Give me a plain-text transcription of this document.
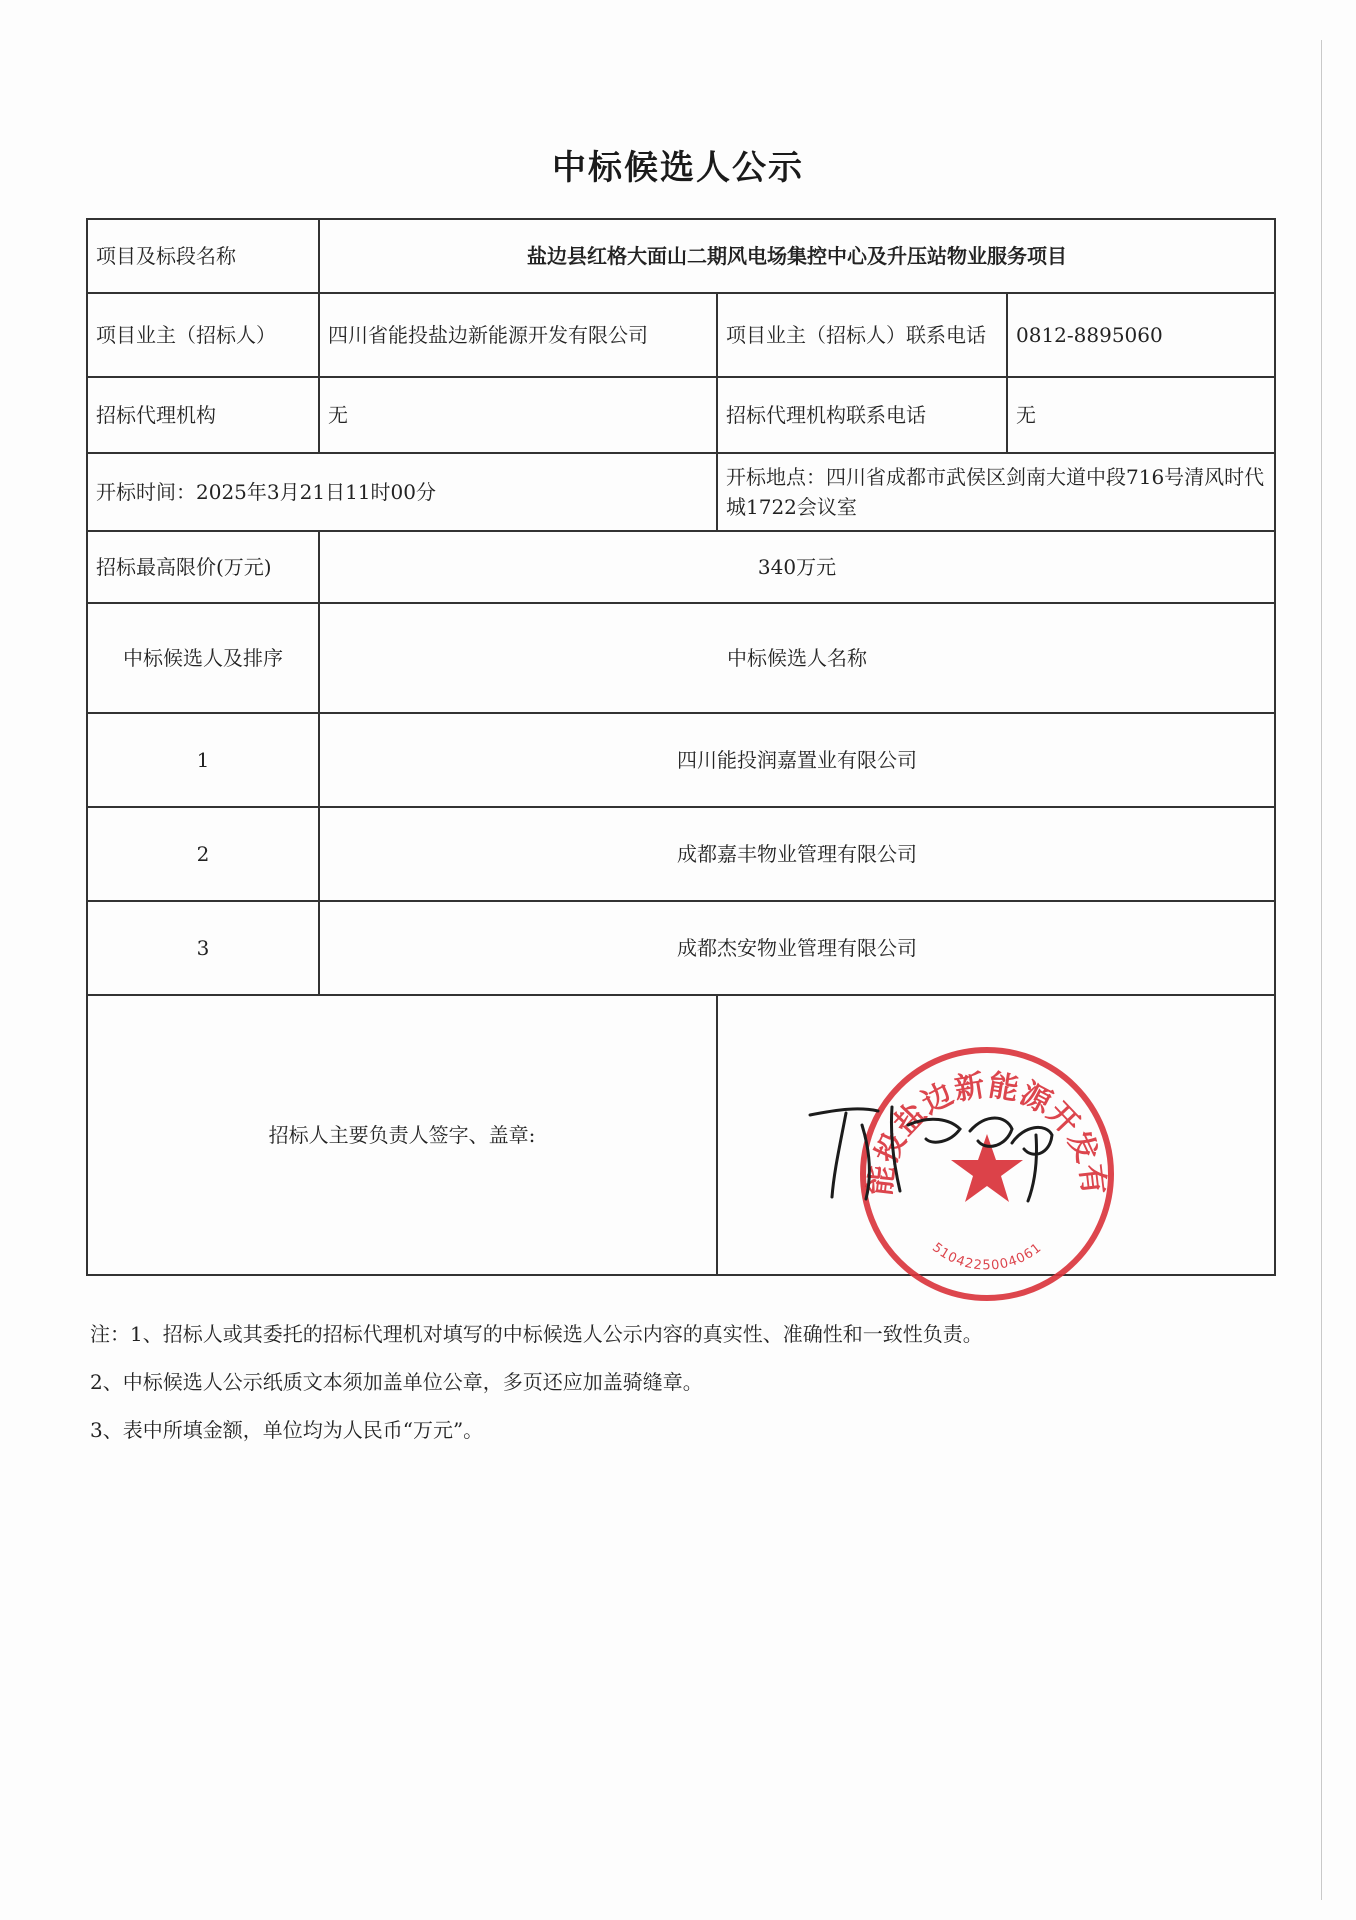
中标候选人公示
项目及标段名称	盐边县红格大面山二期风电场集控中心及升压站物业服务项目		
项目业主（招标人）	四川省能投盐边新能源开发有限公司	项目业主（招标人）联系电话	0812-8895060
招标代理机构	无	招标代理机构联系电话	无
开标时间：2025年3月21日11时00分		开标地点：四川省成都市武侯区剑南大道中段716号清风时代城1722会议室	
招标最高限价(万元)	340万元		
中标候选人及排序	中标候选人名称		
1	四川能投润嘉置业有限公司		
2	成都嘉丰物业管理有限公司		
3	成都杰安物业管理有限公司		
招标人主要负责人签字、盖章:			
能投盐边新能源开发有
5104225004061
注：1、招标人或其委托的招标代理机对填写的中标候选人公示内容的真实性、准确性和一致性负责。
2、中标候选人公示纸质文本须加盖单位公章，多页还应加盖骑缝章。
3、表中所填金额，单位均为人民币“万元”。
